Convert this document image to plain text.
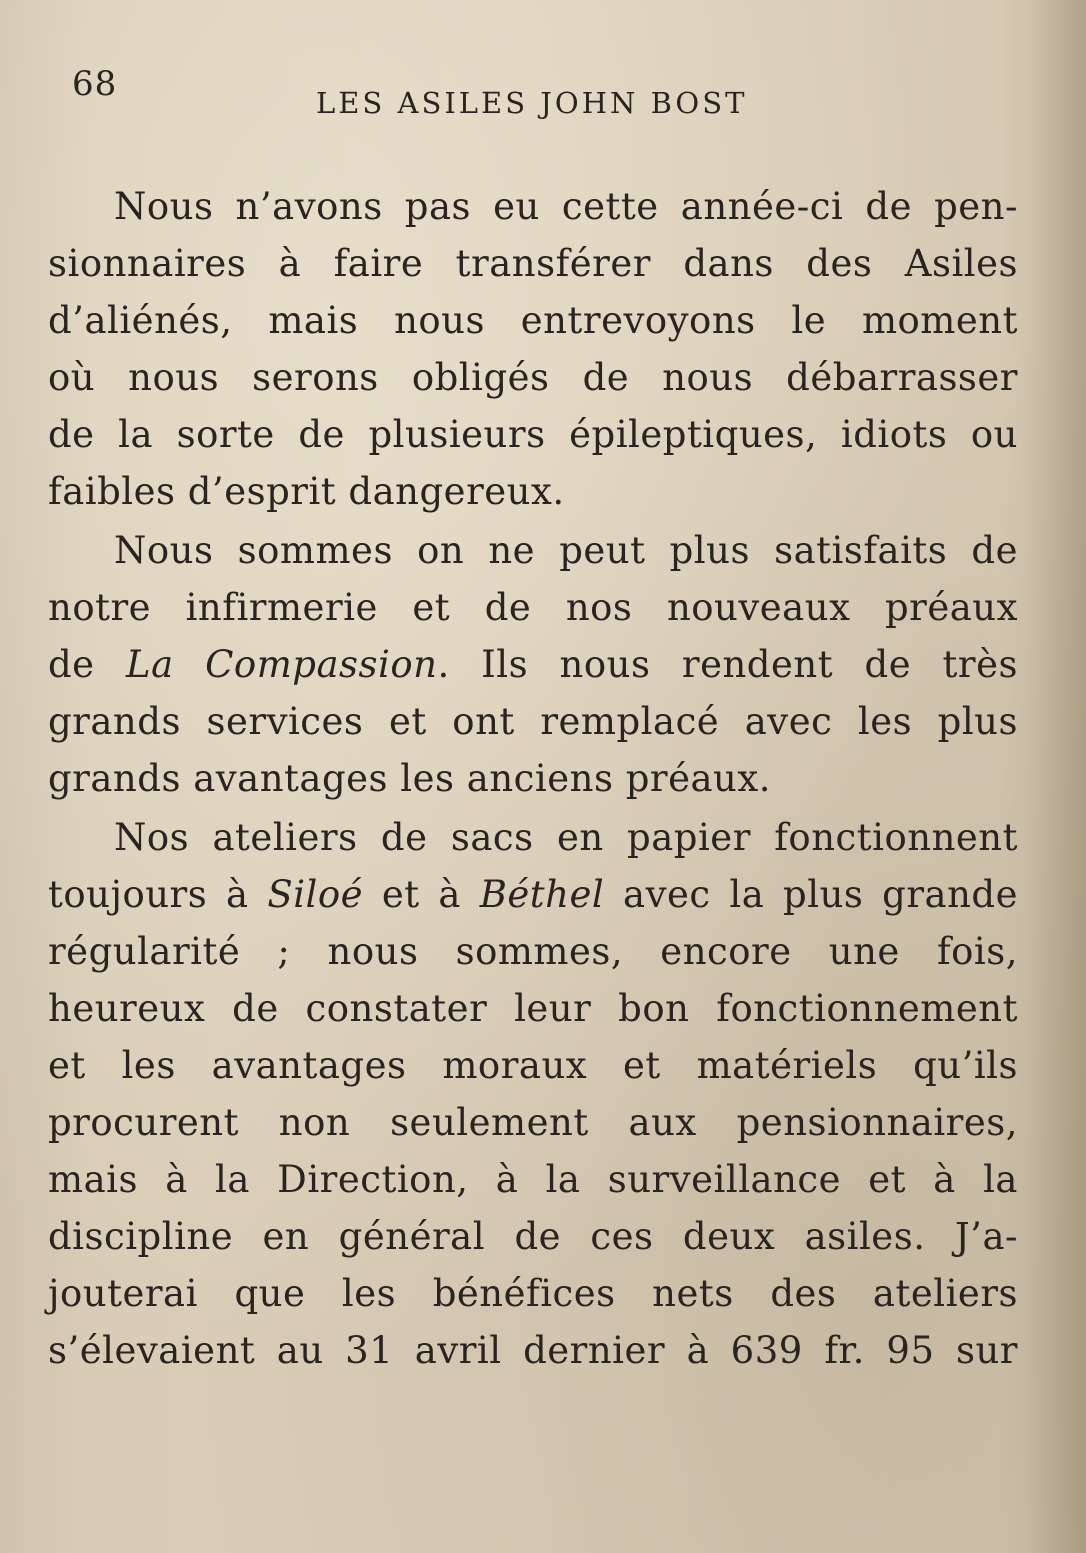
68	LES ASILES JOHN BOST
Nous n’avons pas eu cette année-ci de pen-
sionnaires à faire transférer dans des Asiles
d’aliénés, mais nous entrevoyons le moment
où nous serons obligés de nous débarrasser
de la sorte de plusieurs épileptiques, idiots ou
faibles d’esprit dangereux.
Nous sommes on ne peut plus satisfaits de
notre infirmerie et de nos nouveaux préaux
de La Compassion. Ils nous rendent de très
grands services et ont remplacé avec les plus
grands avantages les anciens préaux.
Nos ateliers de sacs en papier fonctionnent
toujours à Siloé et à Béthel avec la plus grande
régularité ; nous sommes, encore une fois,
heureux de constater leur bon fonctionnement
et les avantages moraux et matériels qu’ils
procurent non seulement aux pensionnaires,
mais à la Direction, à la surveillance et à la
discipline en général de ces deux asiles. J’a-
jouterai que les bénéfices nets des ateliers
s’élevaient au 31 avril dernier à 639 fr. 95 sur
